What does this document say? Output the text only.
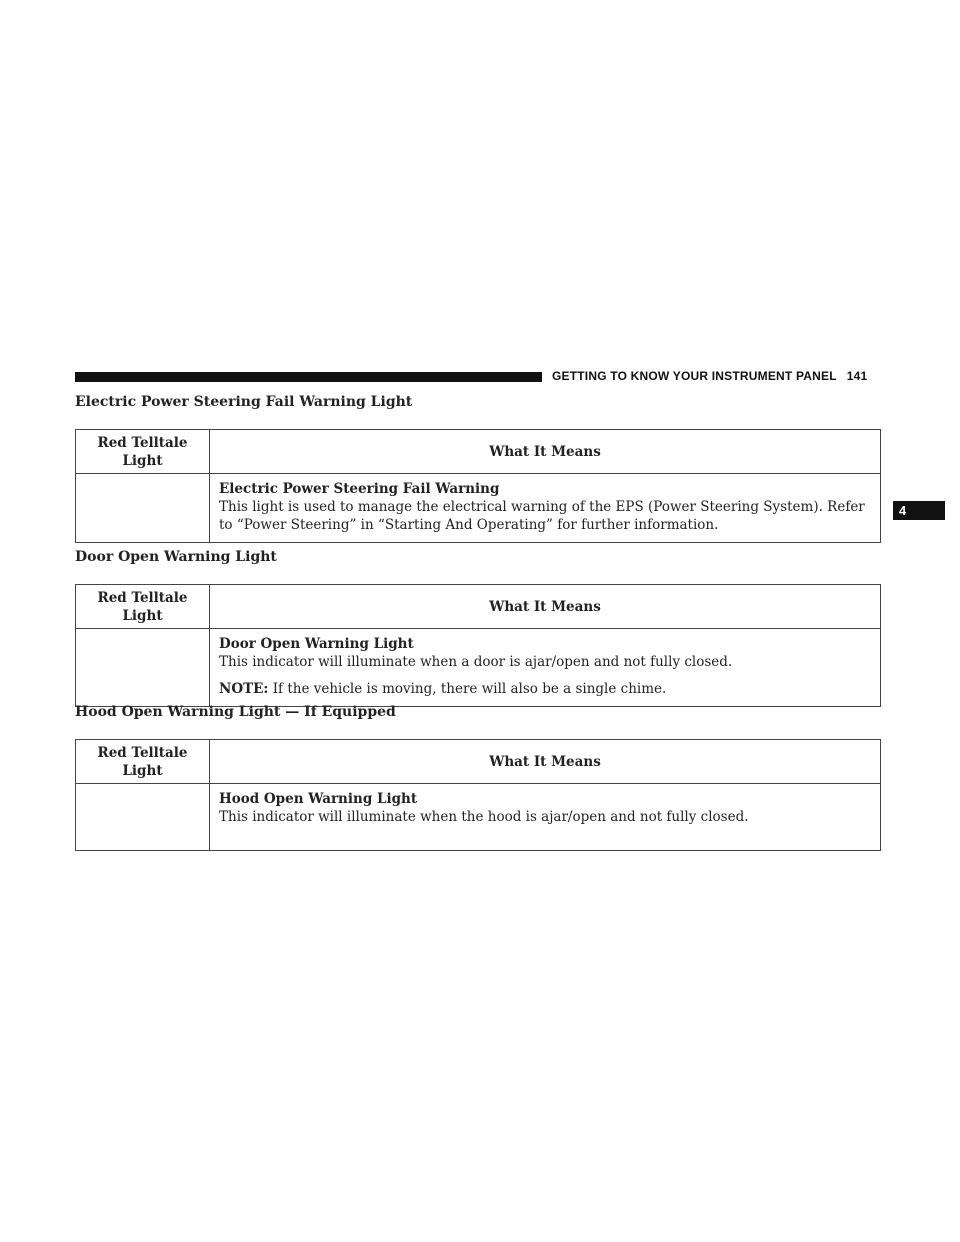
GETTING TO KNOW YOUR INSTRUMENT PANEL 141
4
Electric Power Steering Fail Warning Light
Red Telltale Light	What It Means

	Electric Power Steering Fail Warning
This light is used to manage the electrical warning of the EPS (Power Steering System). Refer to “Power Steering” in “Starting And Operating” for further information.
Door Open Warning Light
Red Telltale Light	What It Means

	Door Open Warning Light
This indicator will illuminate when a door is ajar/open and not fully closed.
NOTE: If the vehicle is moving, there will also be a single chime.
Hood Open Warning Light — If Equipped
Red Telltale Light	What It Means

	Hood Open Warning Light
This indicator will illuminate when the hood is ajar/open and not fully closed.
